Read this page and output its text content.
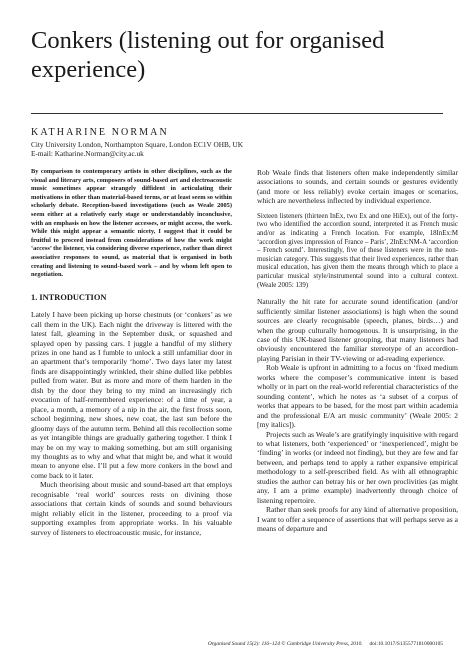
Conkers (listening out for organised experience)
KATHARINE NORMAN
City University London, Northampton Square, London EC1V OHB, UK
E-mail: Katharine.Norman@city.ac.uk

By comparison to contemporary artists in other disciplines, such as the visual and literary arts, composers of sound-based art and electroacoustic music sometimes appear strangely diffident in articulating their motivations in other than material-based terms, or at least seem so within scholarly debate. Reception-based investigations (such as Weale 2005) seem either at a relatively early stage or understandably inconclusive, with an emphasis on how the listener accesses, or might access, the work. While this might appear a semantic nicety, I suggest that it could be fruitful to proceed instead from considerations of how the work might ‘access’ the listener, via considering diverse experience, rather than direct associative responses to sound, as material that is organised in both creating and listening to sound-based work – and by whom left open to negotiation.

1. INTRODUCTION

Lately I have been picking up horse chestnuts (or ‘conkers’ as we call them in the UK). Each night the driveway is littered with the latest fall, gleaming in the September dusk, or squashed and splayed open by passing cars. I juggle a handful of my slithery prizes in one hand as I fumble to unlock a still unfamiliar door in an apartment that’s temporarily ‘home’. Two days later my latest finds are disappointingly wrinkled, their shine dulled like pebbles pulled from water. But as more and more of them harden in the dish by the door they bring to my mind an increasingly rich evocation of half-remembered experience: of a time of year, a place, a month, a memory of a nip in the air, the first frosts soon, school beginning, new shoes, new coat, the last sun before the gloomy days of the autumn term. Behind all this recollection some as yet intangible things are gradually gathering together. I think I may be on my way to making something, but am still organising my thoughts as to why and what that might be, and what it would mean to anyone else. I’ll put a few more conkers in the bowl and come back to it later.

Much theorising about music and sound-based art that employs recognisable ‘real world’ sources rests on divining those associations that certain kinds of sounds and sound behaviours might reliably elicit in the listener, proceeding to a proof via supporting examples from appropriate works. In his valuable survey of listeners to electroacoustic music, for instance,

Rob Weale finds that listeners often make independently similar associations to sounds, and certain sounds or gestures evidently (and more or less reliably) evoke certain images or scenarios, which are nevertheless inflected by individual experience.

Sixteen listeners (thirteen InEx, two Ex and one HiEx), out of the forty-two who identified the accordion sound, interpreted it as French music and/or as indicating a French location. For example, 18InEx:M ‘accordion gives impression of France – Paris’, 2InEx:NM-A ‘accordion – French sound’. Interestingly, five of these listeners were in the non-musician category. This suggests that their lived experiences, rather than musical education, has given them the means through which to place a particular musical style/instrumental sound into a cultural context. (Weale 2005: 139)

Naturally the hit rate for accurate sound identification (and/or sufficiently similar listener associations) is high when the sound sources are clearly recognisable (speech, planes, birds…) and when the group culturally homogenous. It is unsurprising, in the case of this UK-based listener grouping, that many listeners had obviously encountered the familiar stereotype of an accordion-playing Parisian in their TV-viewing or ad-reading experience.

Rob Weale is upfront in admitting to a focus on ‘fixed medium works where the composer’s communicative intent is based wholly or in part on the real-world referential characteristics of the sounding content’, which he notes as ‘a subset of a corpus of works that appears to be based, for the most part within academia and the professional E/A art music community’ (Weale 2005: 2 [my italics]).

Projects such as Weale’s are gratifyingly inquisitive with regard to what listeners, both ‘experienced’ or ‘inexperienced’, might be ‘finding’ in works (or indeed not finding), but they are few and far between, and perhaps tend to apply a rather expansive empirical methodology to a self-prescribed field. As with all ethnographic studies the author can betray his or her own proclivities (as might any, I am a prime example) inadvertently through choice of listening repertoire.

Rather than seek proofs for any kind of alternative proposition, I want to offer a sequence of assertions that will perhaps serve as a means of departure and

Organised Sound 15(2): 116–124 © Cambridge University Press, 2010. doi:10.1017/S1355771810000105
